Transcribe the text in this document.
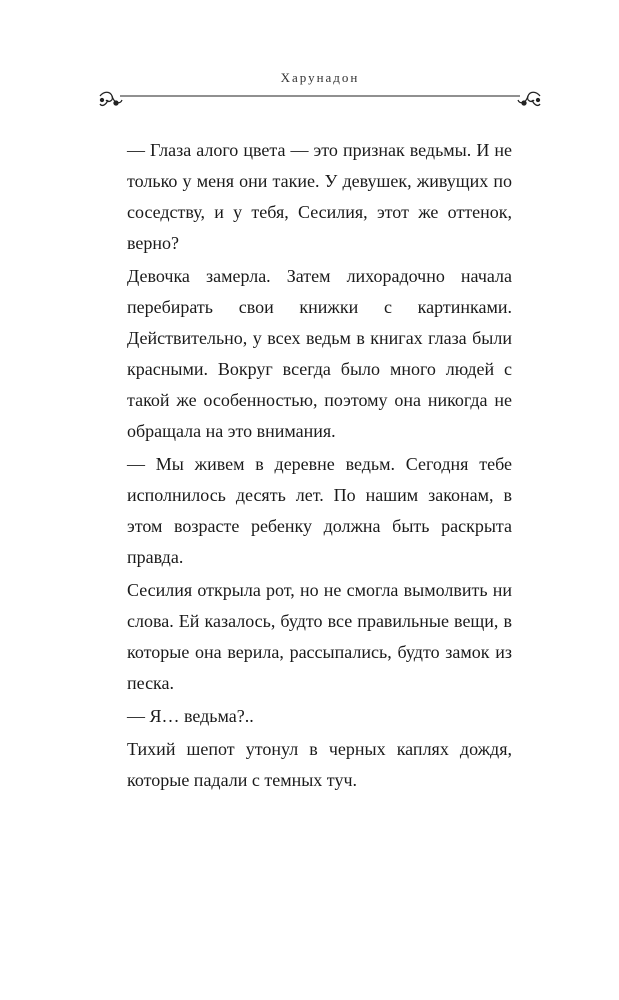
Харунадон

— Глаза алого цвета — это признак ведьмы. И не только у меня они такие. У девушек, живущих по соседству, и у тебя, Сесилия, этот же оттенок, верно?

Девочка замерла. Затем лихорадочно начала перебирать свои книжки с картинками. Действительно, у всех ведьм в книгах глаза были красными. Вокруг всегда было много людей с такой же особенностью, поэтому она никогда не обращала на это внимания.

— Мы живем в деревне ведьм. Сегодня тебе исполнилось десять лет. По нашим законам, в этом возрасте ребенку должна быть раскрыта правда.

Сесилия открыла рот, но не смогла вымолвить ни слова. Ей казалось, будто все правильные вещи, в которые она верила, рассыпались, будто замок из песка.

— Я… ведьма?..

Тихий шепот утонул в черных каплях дождя, которые падали с темных туч.
